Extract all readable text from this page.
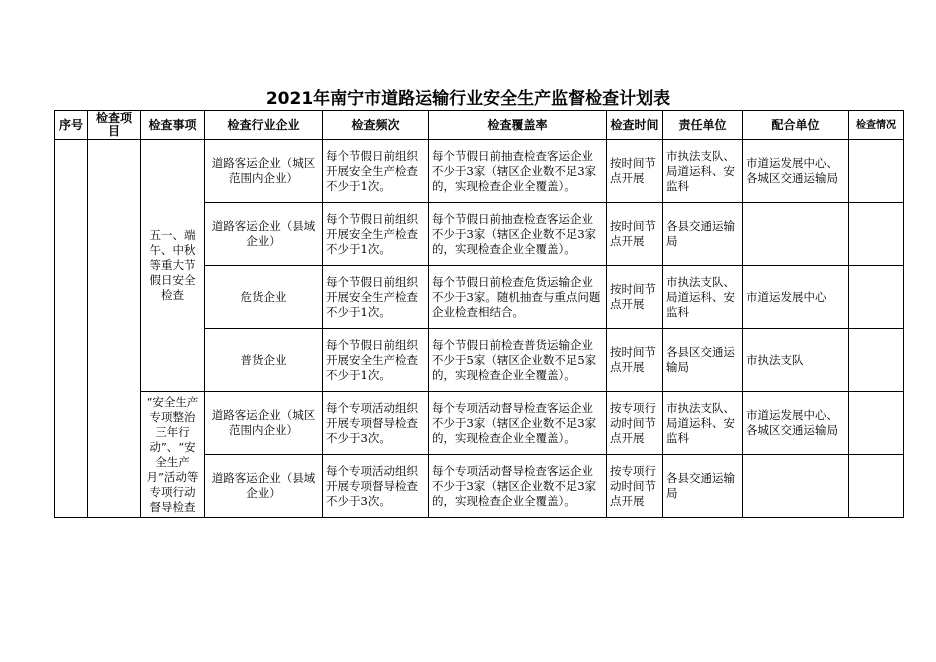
2021年南宁市道路运输行业安全生产监督检查计划表
序号	检查项目	检查事项	检查行业企业	检查频次	检查覆盖率	检查时间	责任单位	配合单位	检查情况
		五一、端午、中秋等重大节假日安全检查	道路客运企业（城区范围内企业）	每个节假日前组织开展安全生产检查不少于1次。	每个节假日前抽查检查客运企业不少于3家（辖区企业数不足3家的，实现检查企业全覆盖）。	按时间节点开展	市执法支队、局道运科、安监科	市道运发展中心、各城区交通运输局	
			道路客运企业（县域企业）	每个节假日前组织开展安全生产检查不少于1次。	每个节假日前抽查检查客运企业不少于3家（辖区企业数不足3家的，实现检查企业全覆盖）。	按时间节点开展	各县交通运输局		
			危货企业	每个节假日前组织开展安全生产检查不少于1次。	每个节假日前检查危货运输企业不少于3家。随机抽查与重点问题企业检查相结合。	按时间节点开展	市执法支队、局道运科、安监科	市道运发展中心	
			普货企业	每个节假日前组织开展安全生产检查不少于1次。	每个节假日前检查普货运输企业不少于5家（辖区企业数不足5家的，实现检查企业全覆盖）。	按时间节点开展	各县区交通运输局	市执法支队	
		“安全生产专项整治三年行动”、“安全生产月”活动等专项行动督导检查	道路客运企业（城区范围内企业）	每个专项活动组织开展专项督导检查不少于3次。	每个专项活动督导检查客运企业不少于3家（辖区企业数不足3家的，实现检查企业全覆盖）。	按专项行动时间节点开展	市执法支队、局道运科、安监科	市道运发展中心、各城区交通运输局	
			道路客运企业（县域企业）	每个专项活动组织开展专项督导检查不少于3次。	每个专项活动督导检查客运企业不少于3家（辖区企业数不足3家的，实现检查企业全覆盖）。	按专项行动时间节点开展	各县交通运输局		
